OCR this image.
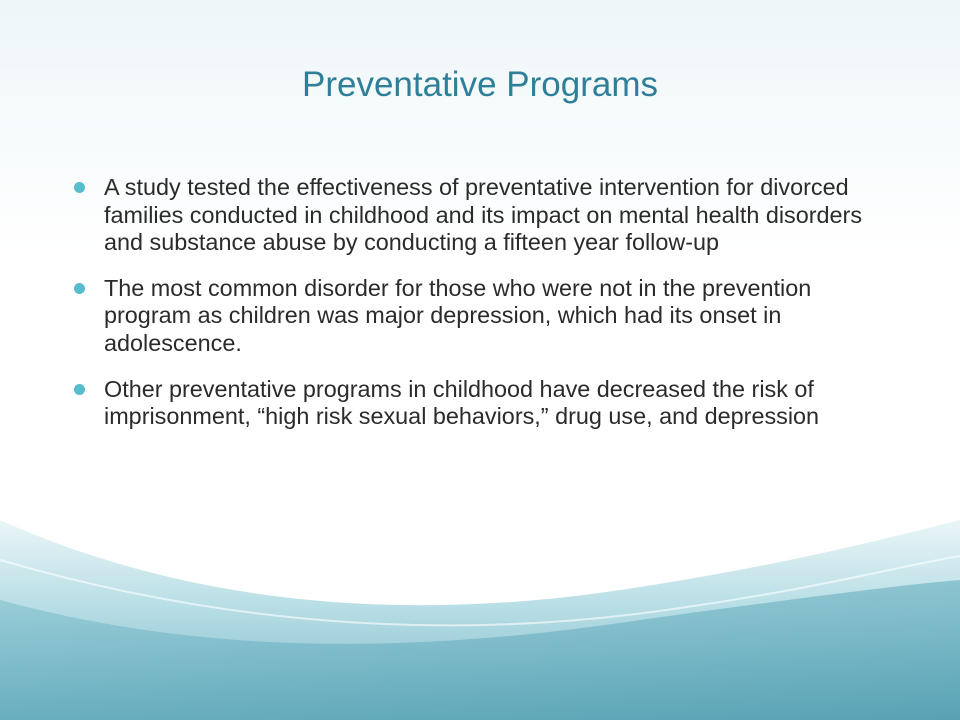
Preventative Programs
A study tested the effectiveness of preventative intervention for divorced families conducted in childhood and its impact on mental health disorders and substance abuse by conducting a fifteen year follow-up
The most common disorder for those who were not in the prevention program as children was major depression, which had its onset in adolescence.
Other preventative programs in childhood have decreased the risk of imprisonment, “high risk sexual behaviors,” drug use, and depression
